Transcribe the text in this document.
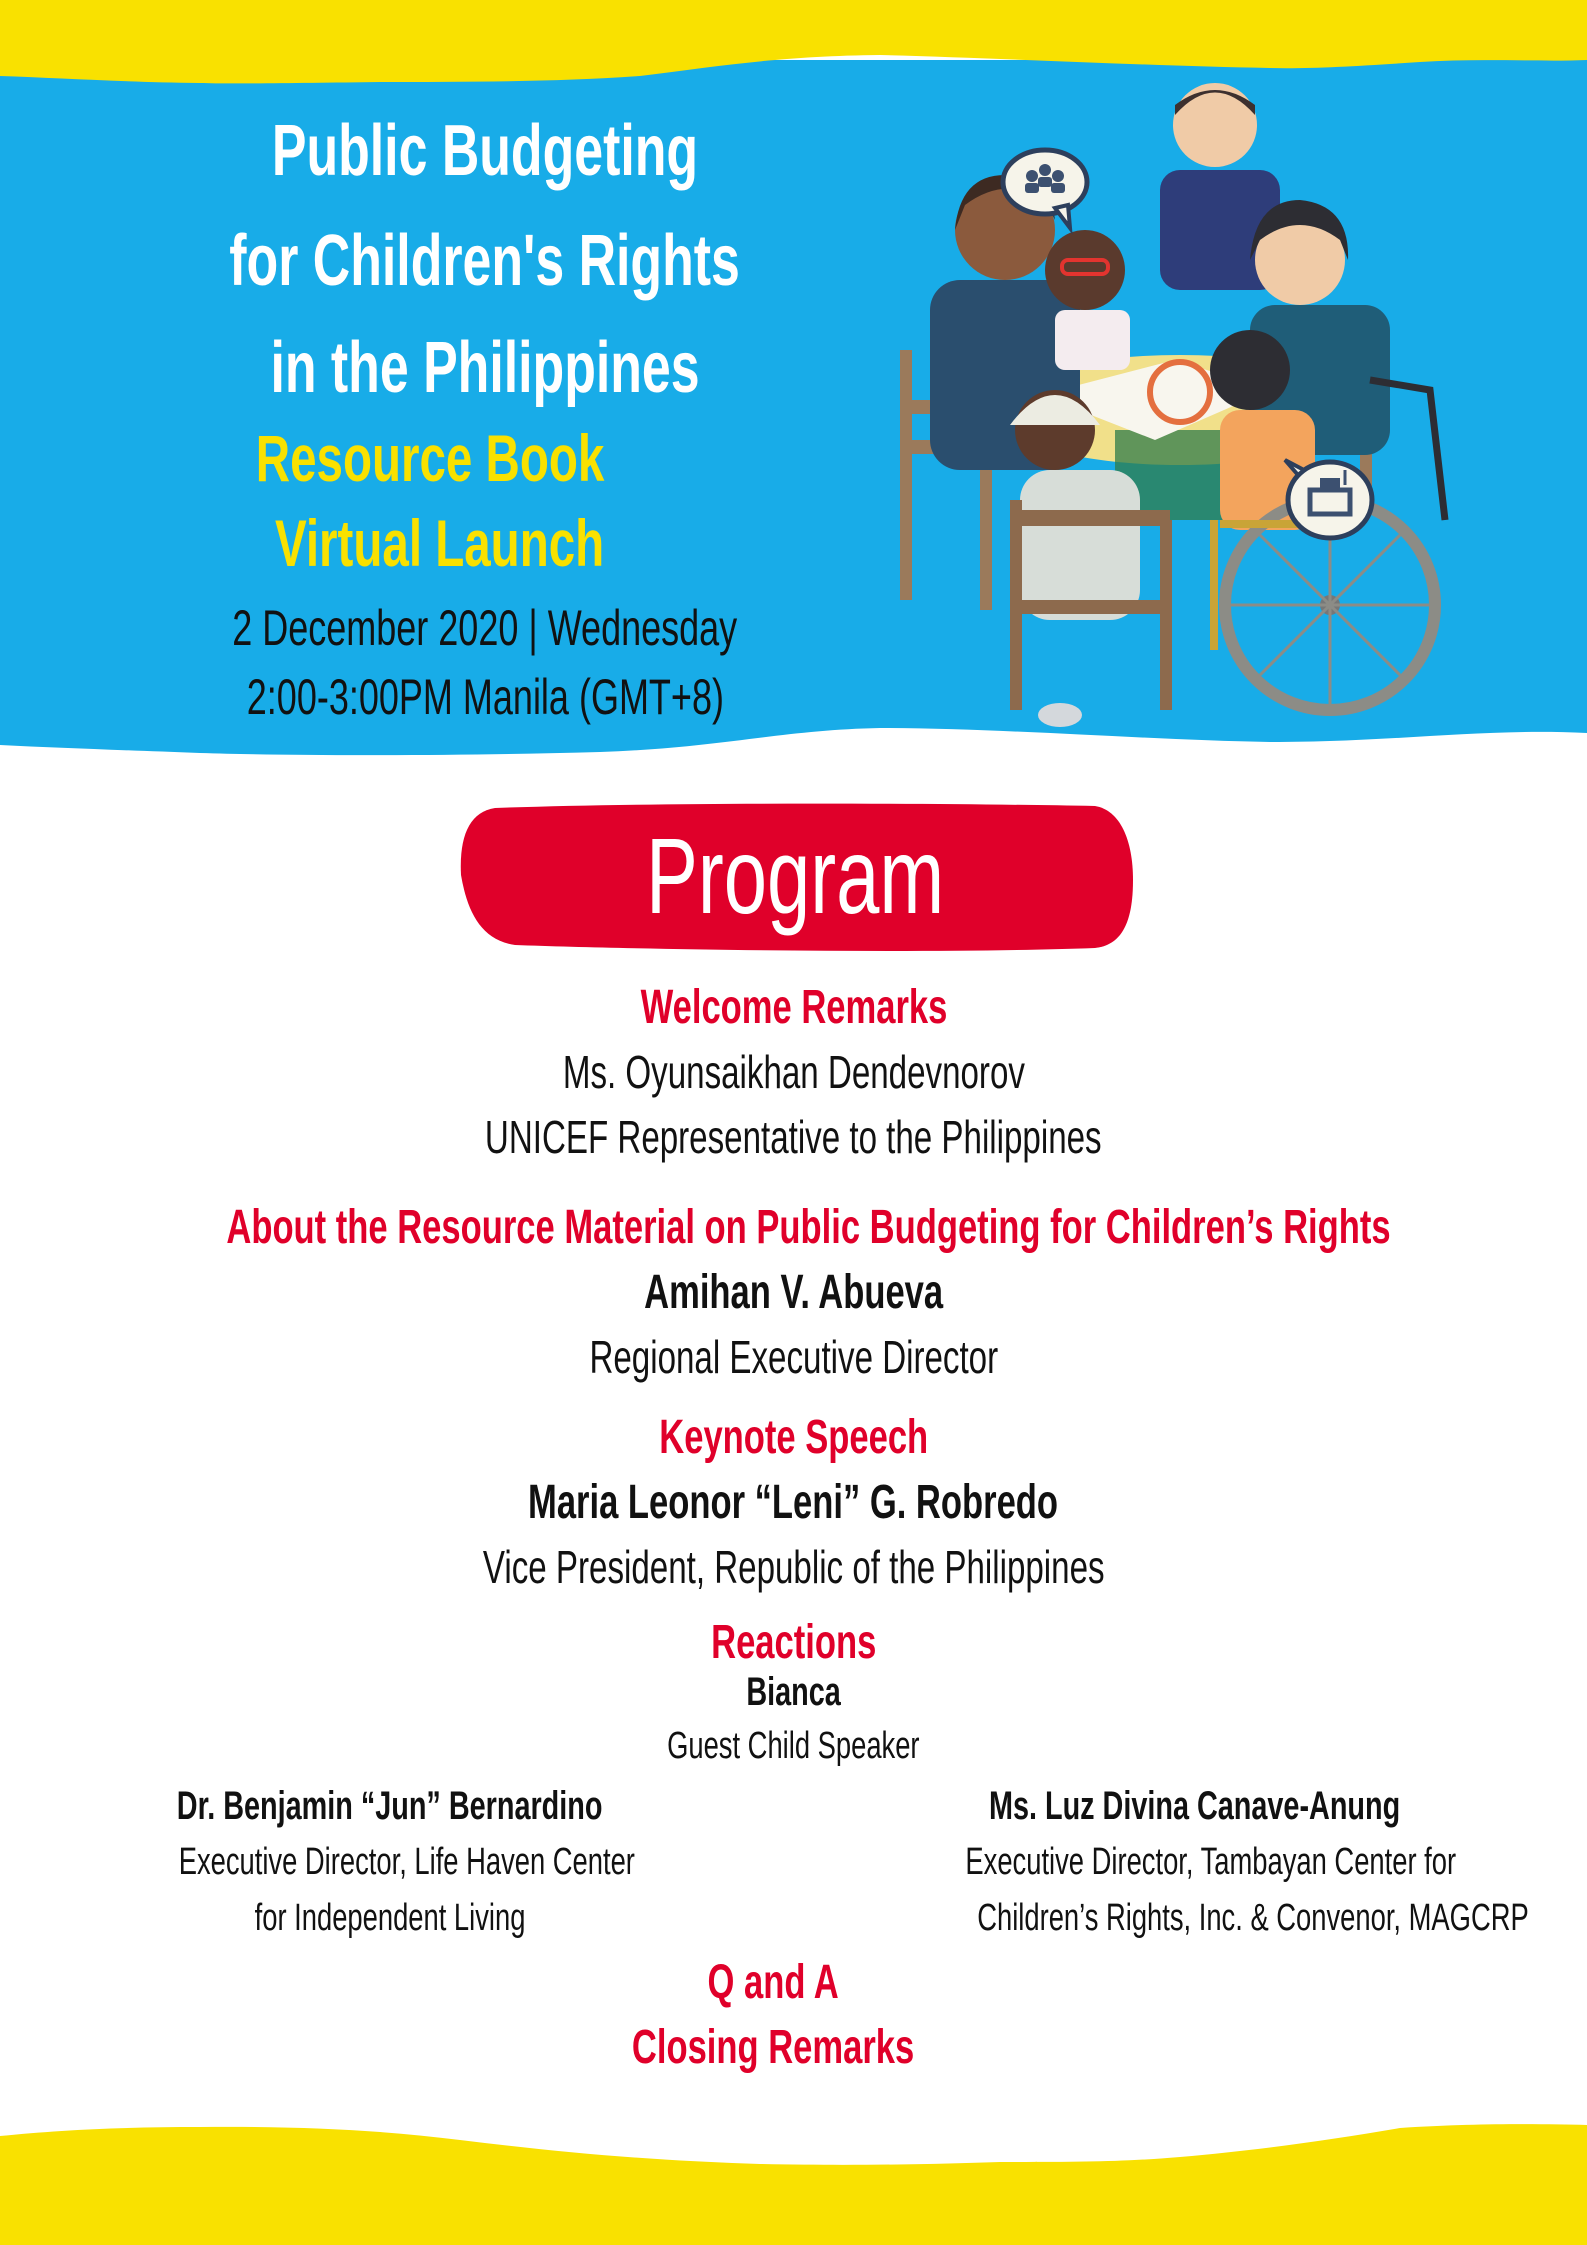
Public Budgeting
for Children's Rights
in the Philippines
Resource Book
Virtual Launch
2 December 2020 | Wednesday
2:00-3:00PM Manila (GMT+8)
Program
Welcome Remarks
Ms. Oyunsaikhan Dendevnorov
UNICEF Representative to the Philippines
About the Resource Material on Public Budgeting for Children’s Rights
Amihan V. Abueva
Regional Executive Director
Keynote Speech
Maria Leonor “Leni” G. Robredo
Vice President, Republic of the Philippines
Reactions
Bianca
Guest Child Speaker
Dr. Benjamin “Jun” Bernardino
Executive Director, Life Haven Center
for Independent Living
Ms. Luz Divina Canave-Anung
Executive Director, Tambayan Center for
Children’s Rights, Inc. & Convenor, MAGCRP
Q and A
Closing Remarks
